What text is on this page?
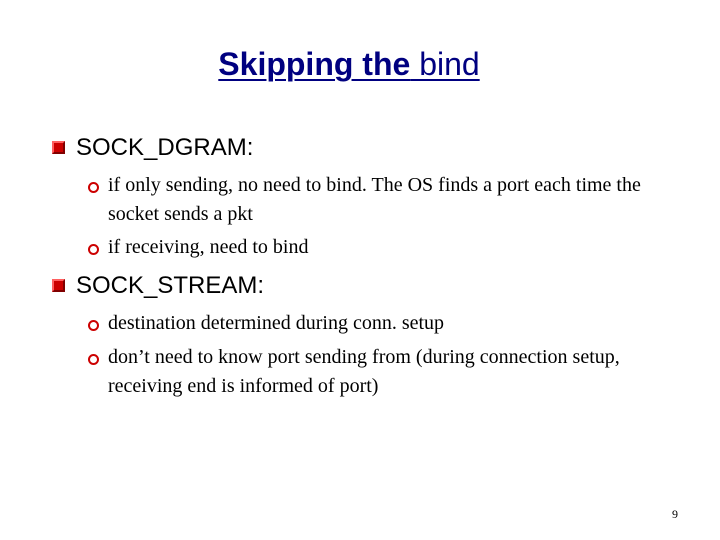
Skipping the bind
SOCK_DGRAM:
if only sending, no need to bind. The OS finds a port each time the socket sends a pkt
if receiving, need to bind
SOCK_STREAM:
destination determined during conn. setup
don’t need to know port sending from (during connection setup, receiving end is informed of port)
9
